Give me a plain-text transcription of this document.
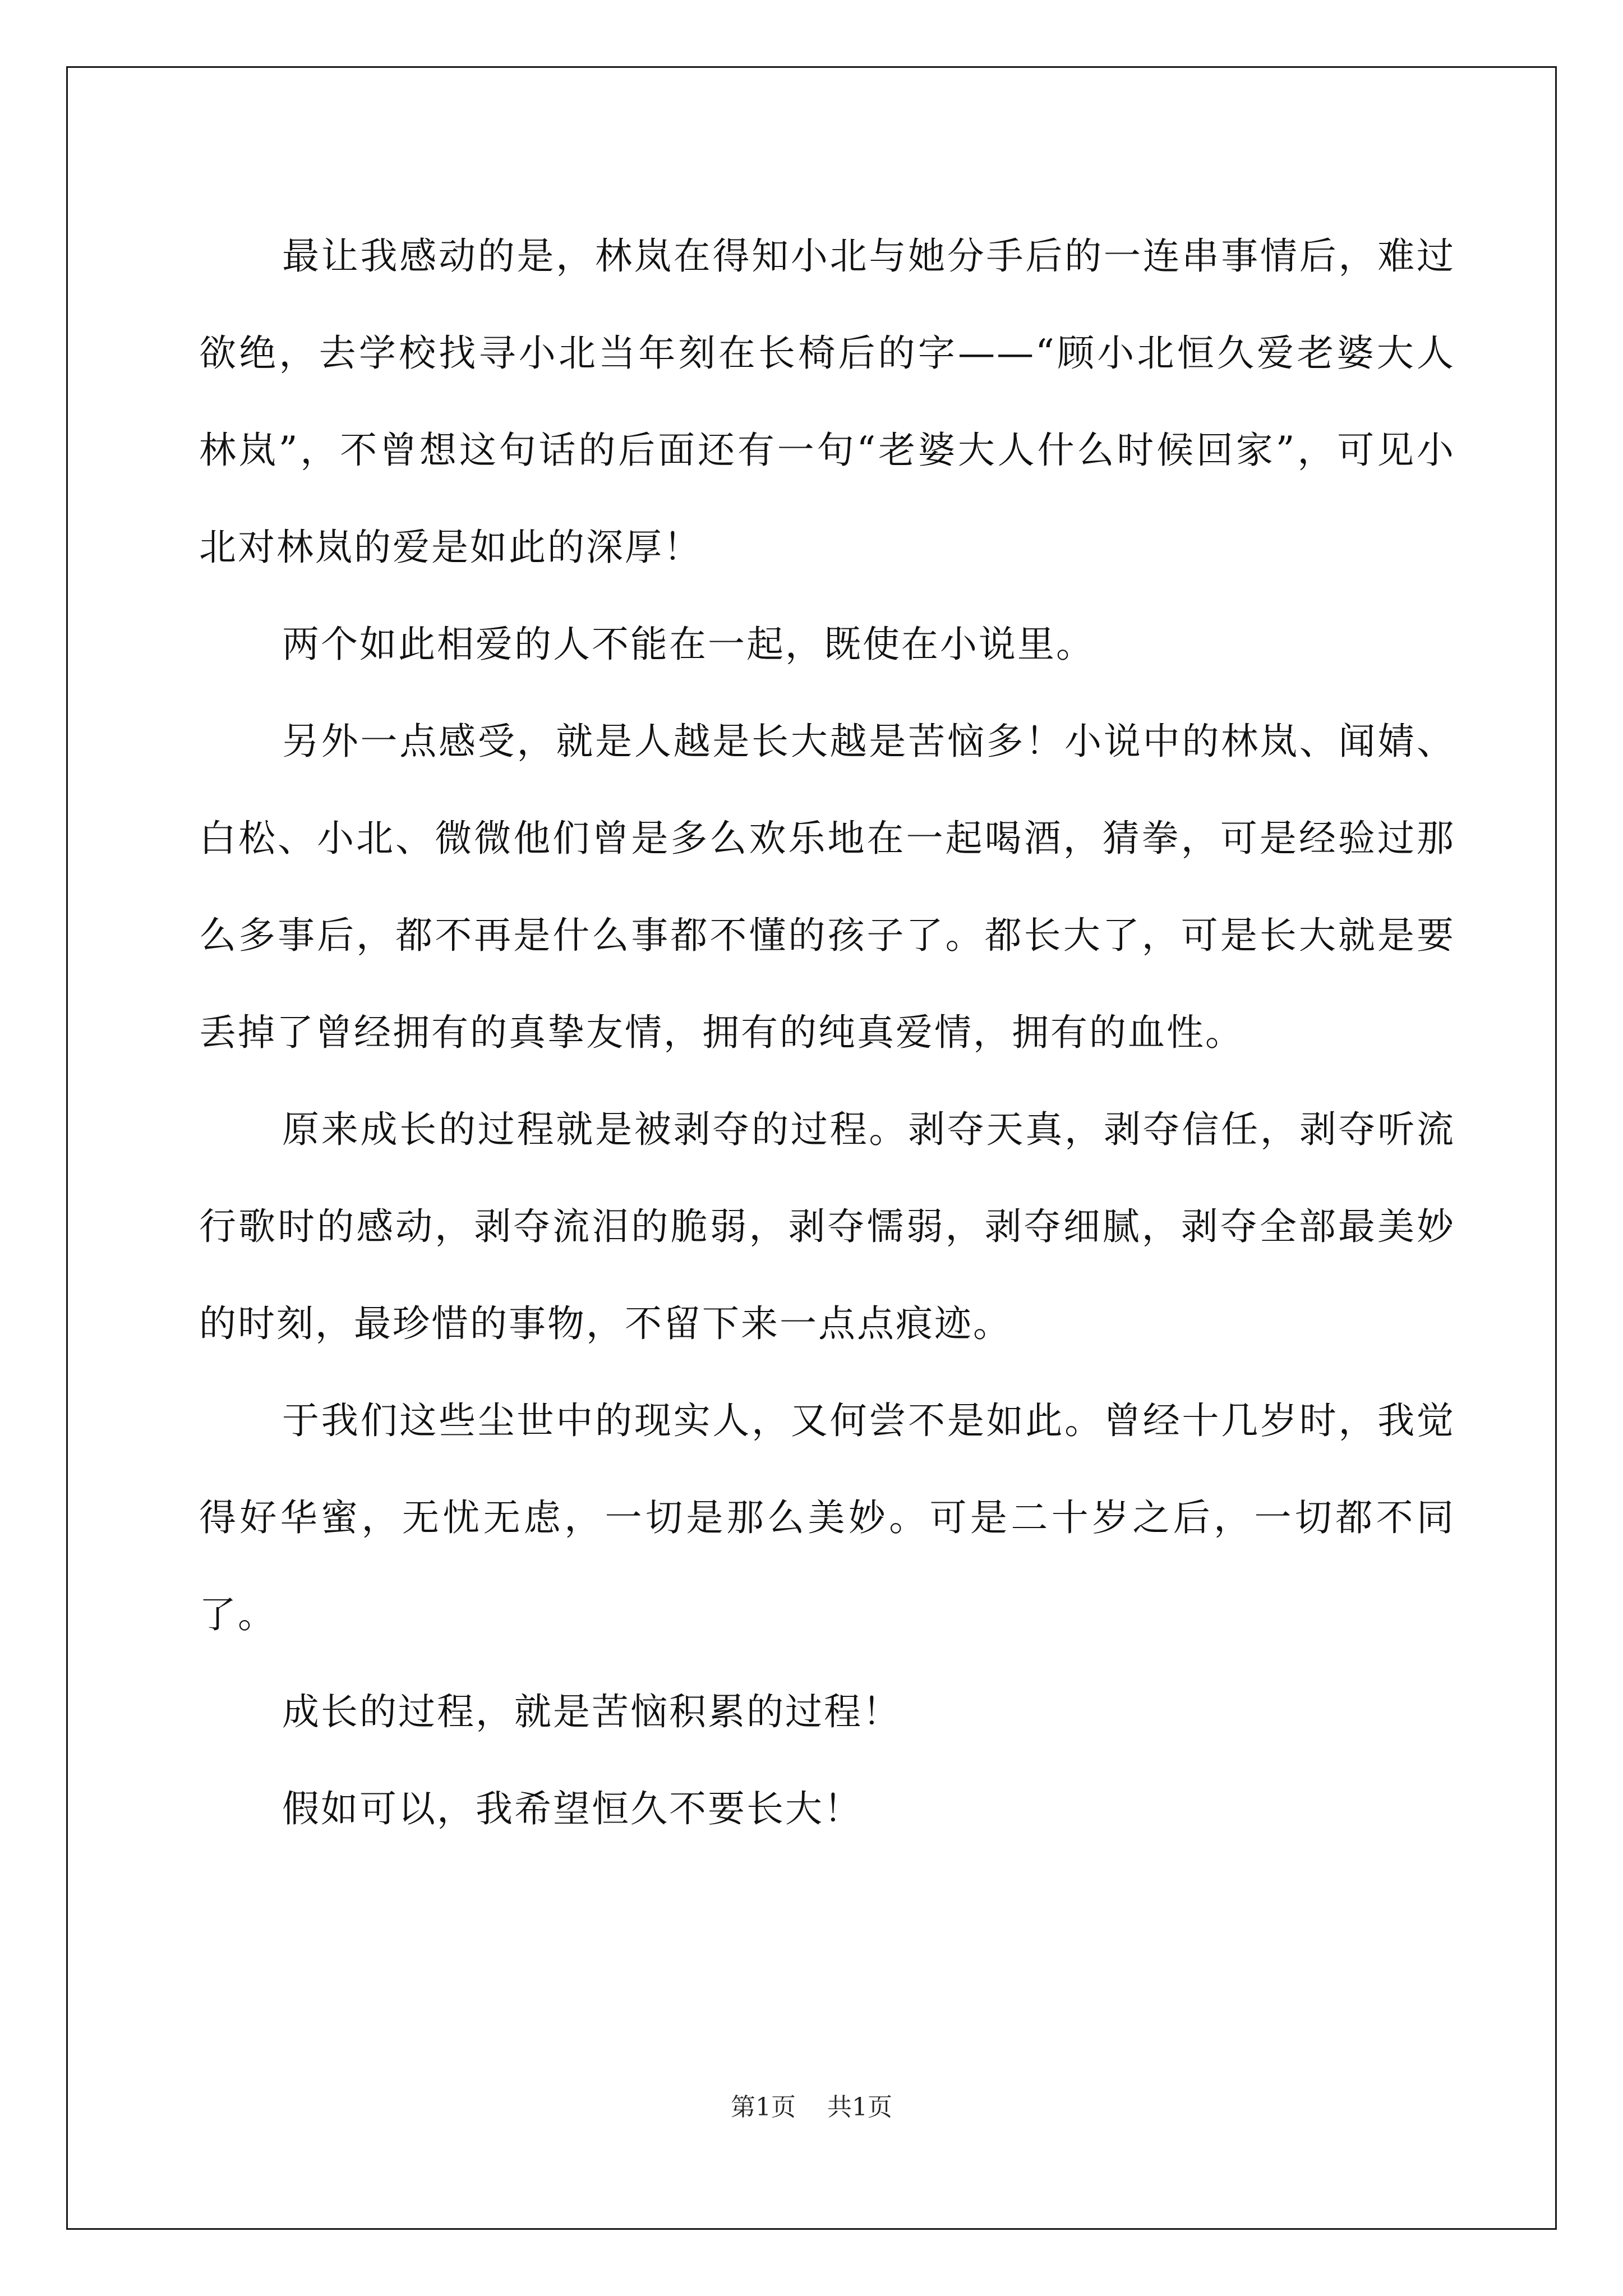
最让我感动的是，林岚在得知小北与她分手后的一连串事情后，难过欲绝，去学校找寻小北当年刻在长椅后的字——“顾小北恒久爱老婆大人林岚”，不曾想这句话的后面还有一句“老婆大人什么时候回家”，可见小北对林岚的爱是如此的深厚！

两个如此相爱的人不能在一起，既使在小说里。

另外一点感受，就是人越是长大越是苦恼多！小说中的林岚、闻婧、白松、小北、微微他们曾是多么欢乐地在一起喝酒，猜拳，可是经验过那么多事后，都不再是什么事都不懂的孩子了。都长大了，可是长大就是要丢掉了曾经拥有的真挚友情，拥有的纯真爱情，拥有的血性。

原来成长的过程就是被剥夺的过程。剥夺天真，剥夺信任，剥夺听流行歌时的感动，剥夺流泪的脆弱，剥夺懦弱，剥夺细腻，剥夺全部最美妙的时刻，最珍惜的事物，不留下来一点点痕迹。

于我们这些尘世中的现实人，又何尝不是如此。曾经十几岁时，我觉得好华蜜，无忧无虑，一切是那么美妙。可是二十岁之后，一切都不同了。

成长的过程，就是苦恼积累的过程！

假如可以，我希望恒久不要长大！

第1页 共1页
